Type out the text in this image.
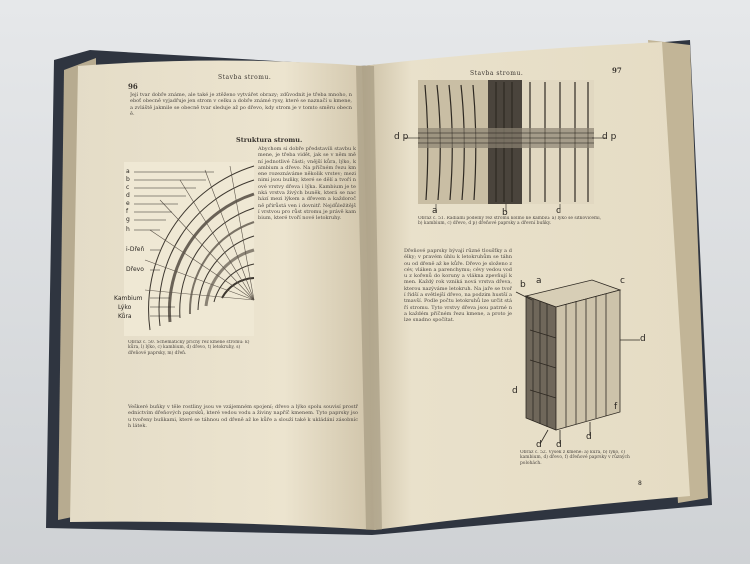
96
Stavba stromu.
Její tvar dobře známe, ale také je ztěženo vytvářet obrazy; zdůvodnit je třeba mnoho, neboť obecně vyjadřuje jen strom v celku a dobře známé rysy, které se naznačí u kmene, a zvláště jakmile se obecně tvar sleduje až po dřevo, kdy strom je v tomto směru obecně.
Struktura stromu.
Abychom si dobře představili stavbu kmene, je třeba vidět, jak se v něm mění jednotlivé části; vnější kůra, lýko, kambium a dřevo. Na příčném řezu kmene rozeznáváme několik vrstev; mezi nimi jsou buňky, které se dělí a tvoří nové vrstvy dřeva i lýka. Kambium je tenká vrstva živých buněk, která se nachází mezi lýkem a dřevem a každoročně přirůstá ven i dovnitř. Nejdůležitější vrstvou pro růst stromu je právě kambium, které tvoří nové letokruhy.
Obraz č. 50. Schematický příčný řez kmene stromu: k) kůra, l) lýko, c) kambium, d) dřevo, t) letokruhy, s) dřeňové paprsky, m) dřeň.
Veškeré buňky v těle rostliny jsou ve vzájemném spojení; dřevo a lýko spolu souvisí prostřednictvím dřeňových paprsků, které vedou vodu a živiny napříč kmenem. Tyto paprsky jsou tvořeny buňkami, které se táhnou od dřeně až ke kůře a slouží také k ukládání zásobních látek.
a
b
c
d
e
f
g
h
i-Dřeň
Dřevo
Kambium
Lýko
Kůra
Stavba stromu.	97
Obraz č. 51. Radiální podélný řez stromu kolmo ke kambiu: a) lýko se sítkovicemi, b) kambium, c) dřevo, d p) dřeňové paprsky a dřevní buňky.
Dřeňové paprsky bývají různé tloušťky a délky; v pravém úhlu k letokruhům se táhnou od dřeně až ke kůře. Dřevo je složeno z cév, vláken a parenchymu; cévy vedou vodu z kořenů do koruny a vlákna zpevňují kmen. Každý rok vzniká nová vrstva dřeva, kterou nazýváme letokruh. Na jaře se tvoří řidší a světlejší dřevo, na podzim hustší a tmavší. Podle počtu letokruhů lze určit stáří stromu. Tyto vrstvy dřeva jsou patrné na každém příčném řezu kmene, a proto je lze snadno spočítat.
Obraz č. 52. Výsek z kmene: a) kůra, b) lýko, c) kambium, d) dřevo, f) dřeňové paprsky v různých polohách.
8
d p	d p
a	b	c
b a	c
d
d
d d
d
f
